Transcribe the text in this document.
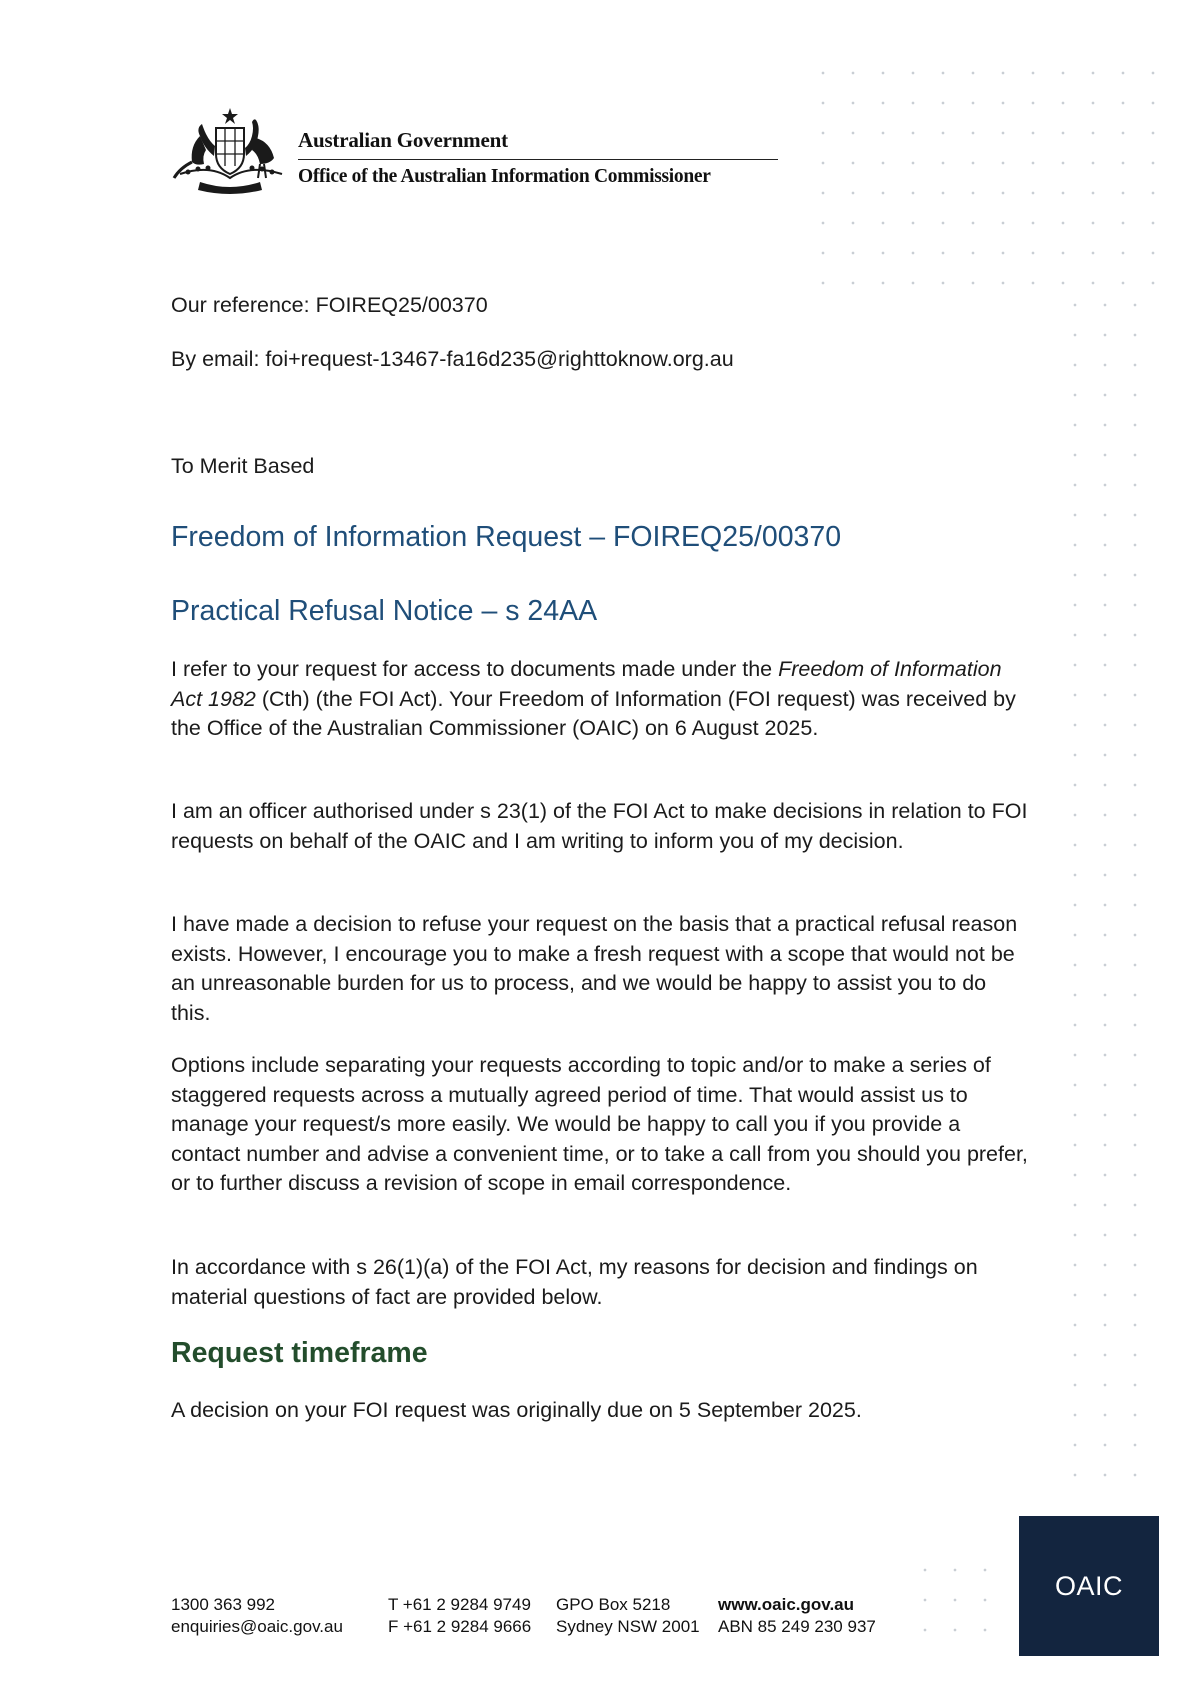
Australian Government
Office of the Australian Information Commissioner
Our reference: FOIREQ25/00370
By email: foi+request-13467-fa16d235@righttoknow.org.au
To Merit Based
Freedom of Information Request – FOIREQ25/00370
Practical Refusal Notice – s 24AA

I refer to your request for access to documents made under the Freedom of Information Act 1982 (Cth) (the FOI Act). Your Freedom of Information (FOI request) was received by the Office of the Australian Commissioner (OAIC) on 6 August 2025.

I am an officer authorised under s 23(1) of the FOI Act to make decisions in relation to FOI requests on behalf of the OAIC and I am writing to inform you of my decision.

I have made a decision to refuse your request on the basis that a practical refusal reason exists. However, I encourage you to make a fresh request with a scope that would not be an unreasonable burden for us to process, and we would be happy to assist you to do this.

Options include separating your requests according to topic and/or to make a series of staggered requests across a mutually agreed period of time. That would assist us to manage your request/s more easily. We would be happy to call you if you provide a contact number and advise a convenient time, or to take a call from you should you prefer, or to further discuss a revision of scope in email correspondence.

In accordance with s 26(1)(a) of the FOI Act, my reasons for decision and findings on material questions of fact are provided below.

Request timeframe

A decision on your FOI request was originally due on 5 September 2025.

1300 363 992
enquiries@oaic.gov.au
T +61 2 9284 9749
F +61 2 9284 9666
GPO Box 5218
Sydney NSW 2001
www.oaic.gov.au
ABN 85 249 230 937
OAIC
